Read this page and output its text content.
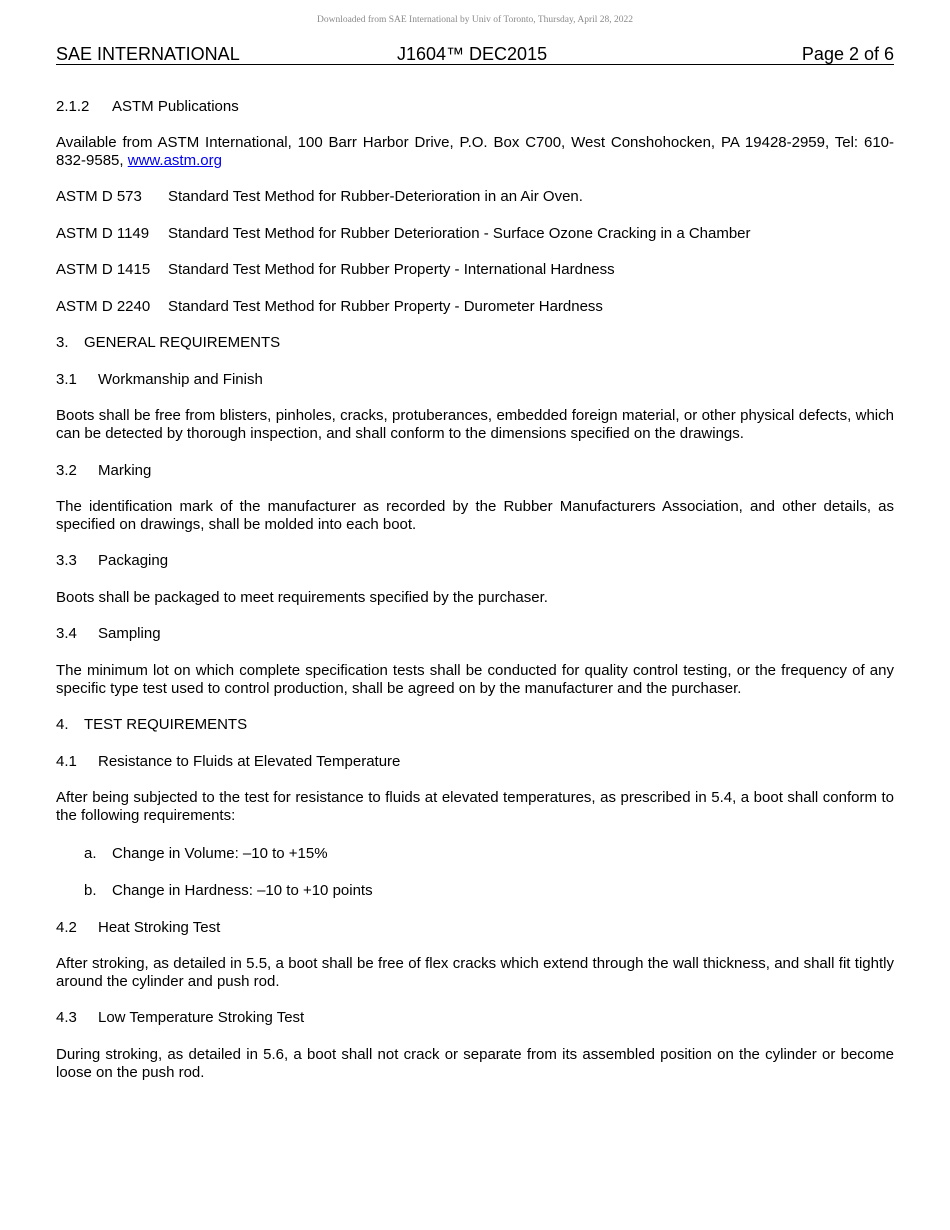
Downloaded from SAE International by Univ of Toronto, Thursday, April 28, 2022
SAE INTERNATIONAL	J1604™ DEC2015	Page 2 of 6
2.1.2 ASTM Publications
Available from ASTM International, 100 Barr Harbor Drive, P.O. Box C700, West Conshohocken, PA 19428-2959, Tel: 610-832-9585, www.astm.org
ASTM D 573 Standard Test Method for Rubber-Deterioration in an Air Oven.
ASTM D 1149 Standard Test Method for Rubber Deterioration - Surface Ozone Cracking in a Chamber
ASTM D 1415 Standard Test Method for Rubber Property - International Hardness
ASTM D 2240 Standard Test Method for Rubber Property - Durometer Hardness
3. GENERAL REQUIREMENTS
3.1 Workmanship and Finish
Boots shall be free from blisters, pinholes, cracks, protuberances, embedded foreign material, or other physical defects, which can be detected by thorough inspection, and shall conform to the dimensions specified on the drawings.
3.2 Marking
The identification mark of the manufacturer as recorded by the Rubber Manufacturers Association, and other details, as specified on drawings, shall be molded into each boot.
3.3 Packaging
Boots shall be packaged to meet requirements specified by the purchaser.
3.4 Sampling
The minimum lot on which complete specification tests shall be conducted for quality control testing, or the frequency of any specific type test used to control production, shall be agreed on by the manufacturer and the purchaser.
4. TEST REQUIREMENTS
4.1 Resistance to Fluids at Elevated Temperature
After being subjected to the test for resistance to fluids at elevated temperatures, as prescribed in 5.4, a boot shall conform to the following requirements:
a. Change in Volume: –10 to +15%
b. Change in Hardness: –10 to +10 points
4.2 Heat Stroking Test
After stroking, as detailed in 5.5, a boot shall be free of flex cracks which extend through the wall thickness, and shall fit tightly around the cylinder and push rod.
4.3 Low Temperature Stroking Test
During stroking, as detailed in 5.6, a boot shall not crack or separate from its assembled position on the cylinder or become loose on the push rod.
